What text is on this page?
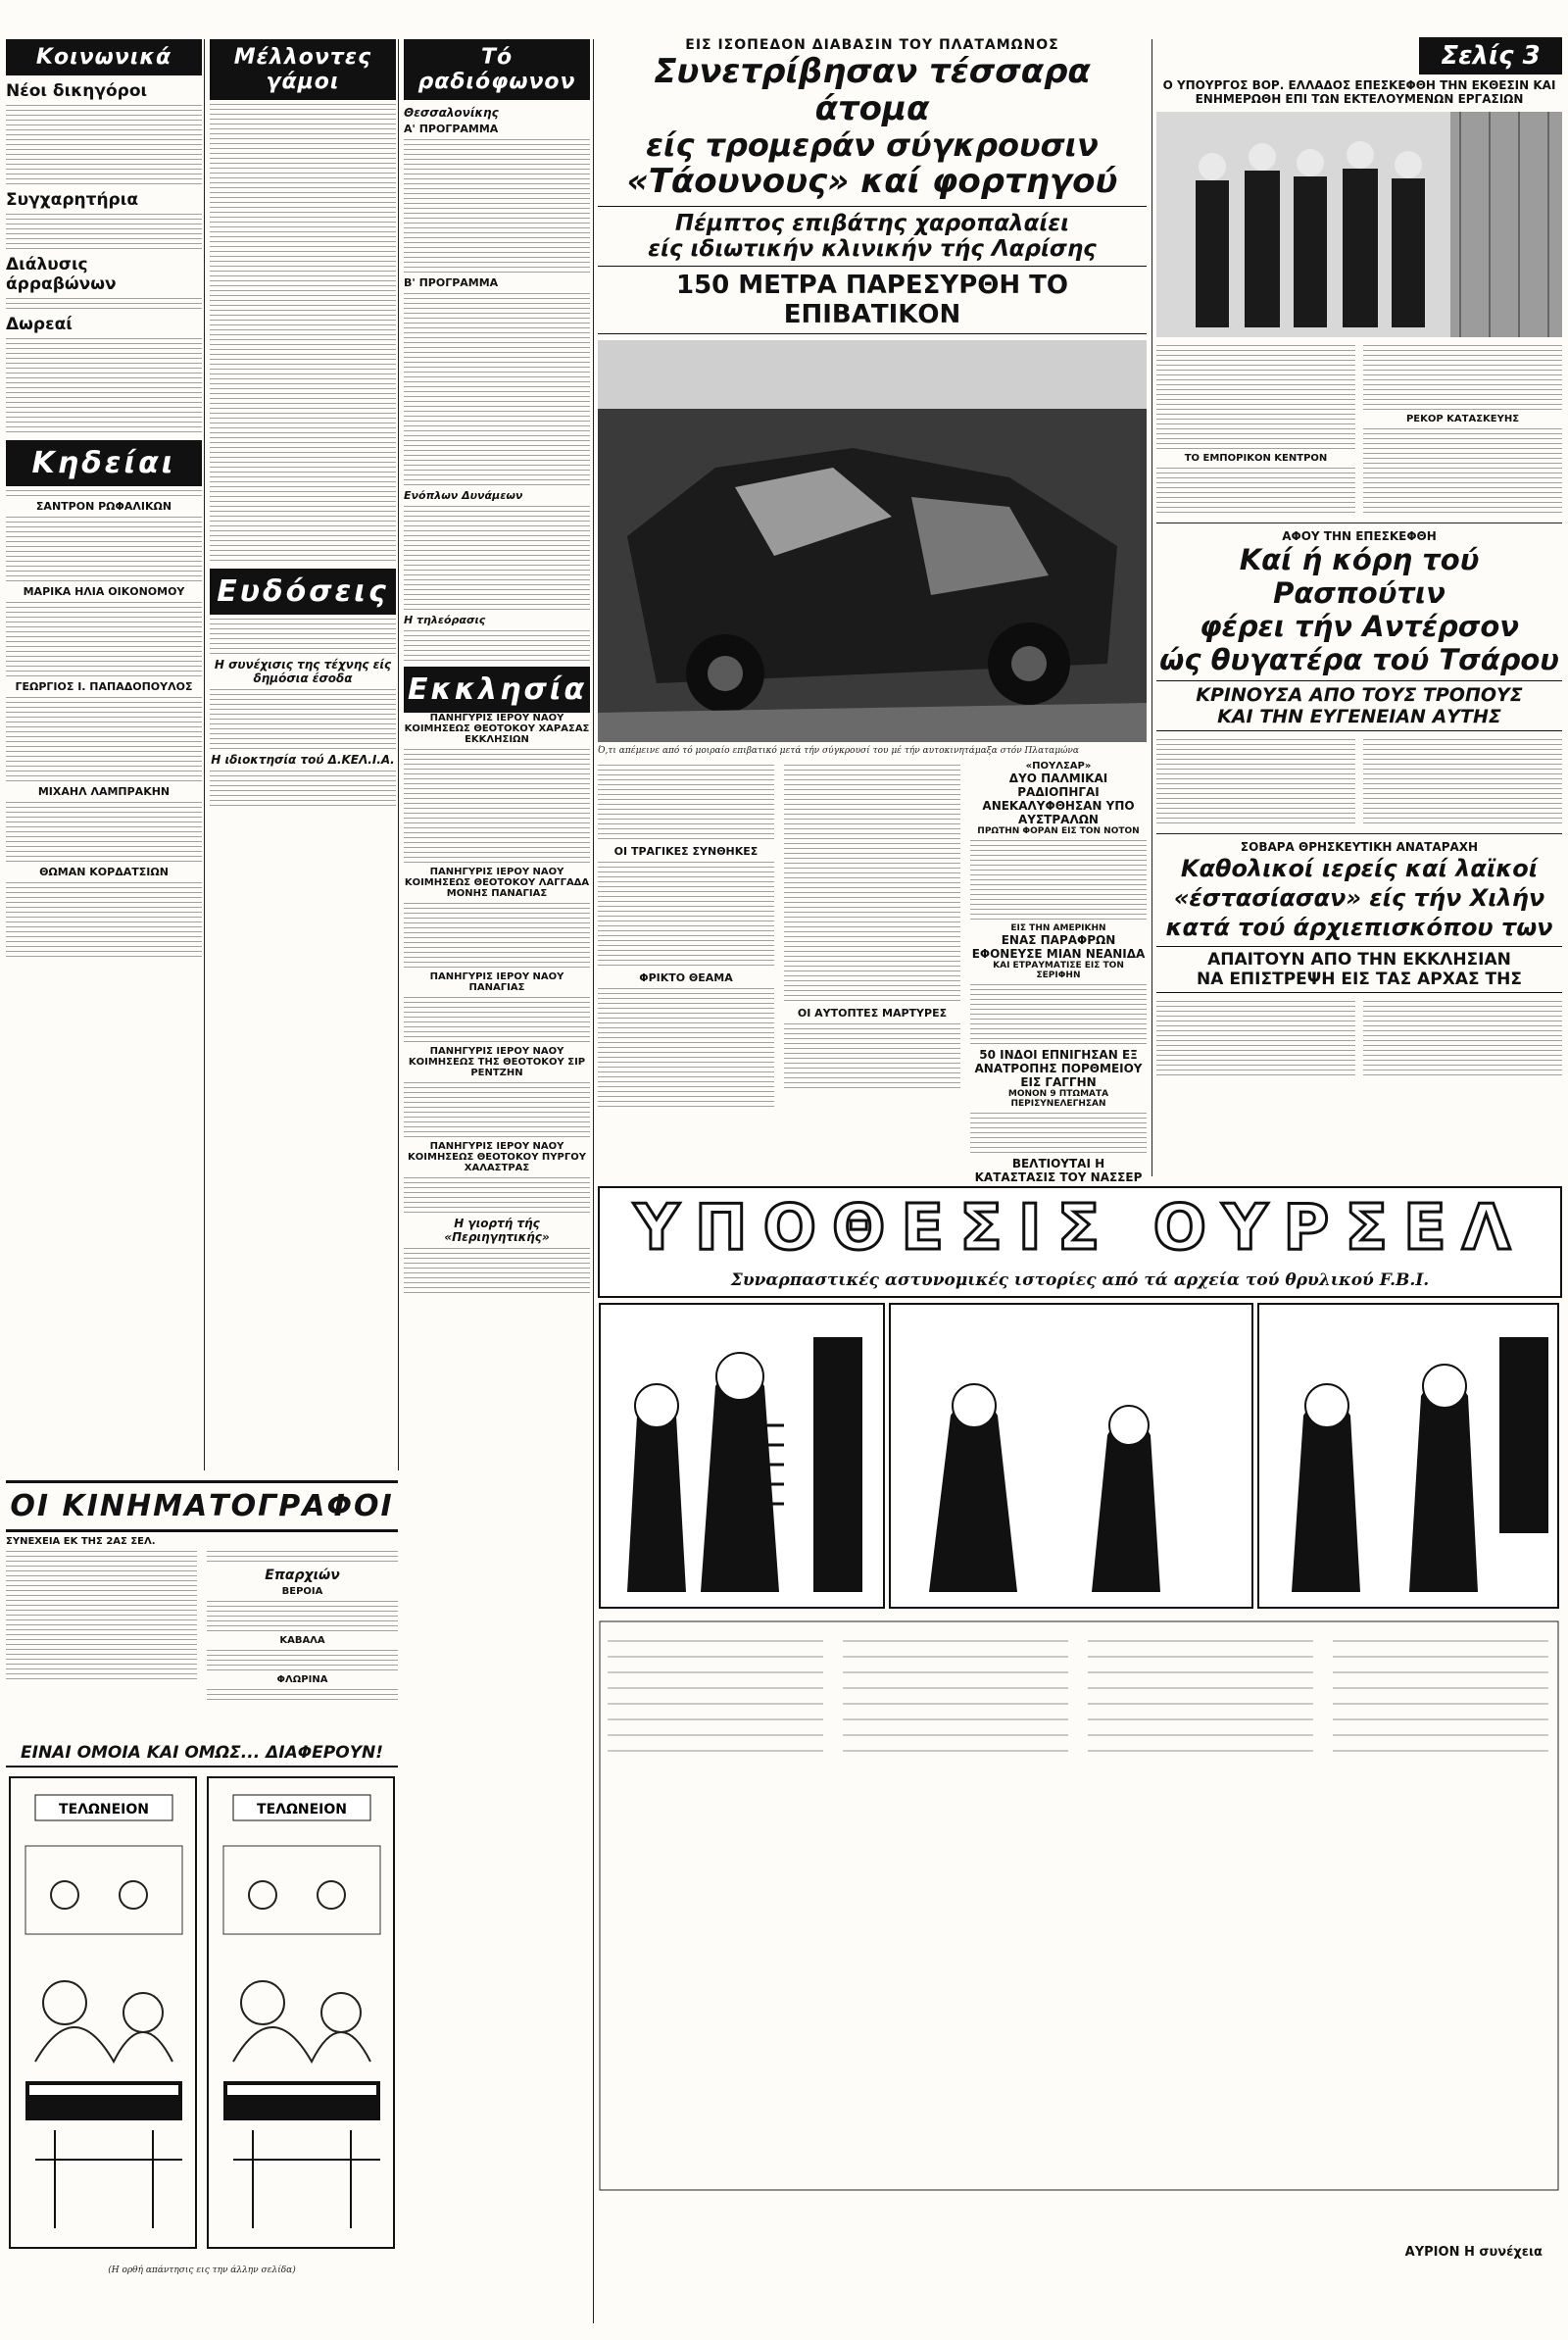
Κοινωνικά
Νέοι δικηγόροι
Συγχαρητήρια
Διάλυσις άρραβώνων
Δωρεαί
Κηδείαι
ΣΑΝΤΡΟΝ ΡΩΦΑΛΙΚΩΝ
ΜΑΡΙΚΑ ΗΛΙΑ ΟΙΚΟΝΟΜΟΥ
ΓΕΩΡΓΙΟΣ Ι. ΠΑΠΑΔΟΠΟΥΛΟΣ
ΜΙΧΑΗΛ ΛΑΜΠΡΑΚΗΝ
ΘΩΜΑΝ ΚΟΡΔΑΤΣΙΩΝ
Μέλλοντες γάμοι
Ευδόσεις
Η συνέχισις της τέχνης είς δημόσια έσοδα
Η ιδιοκτησία τού Δ.ΚΕΛ.Ι.Α.
Τό ραδιόφωνον
Θεσσαλονίκης
Α' ΠΡΟΓΡΑΜΜΑ
Β' ΠΡΟΓΡΑΜΜΑ
Ενόπλων Δυνάμεων
Η τηλεόρασις
Εκκλησία
ΠΑΝΗΓΥΡΙΣ ΙΕΡΟΥ ΝΑΟΥ ΚΟΙΜΗΣΕΩΣ ΘΕΟΤΟΚΟΥ ΧΑΡΑΣΑΣ ΕΚΚΛΗΣΙΩΝ
ΠΑΝΗΓΥΡΙΣ ΙΕΡΟΥ ΝΑΟΥ ΚΟΙΜΗΣΕΩΣ ΘΕΟΤΟΚΟΥ ΛΑΓΓΑΔΑ ΜΟΝΗΣ ΠΑΝΑΓΙΑΣ
ΠΑΝΗΓΥΡΙΣ ΙΕΡΟΥ ΝΑΟΥ ΠΑΝΑΓΙΑΣ
ΠΑΝΗΓΥΡΙΣ ΙΕΡΟΥ ΝΑΟΥ ΚΟΙΜΗΣΕΩΣ ΤΗΣ ΘΕΟΤΟΚΟΥ ΣΙΡ ΡΕΝΤΖΗΝ
ΠΑΝΗΓΥΡΙΣ ΙΕΡΟΥ ΝΑΟΥ ΚΟΙΜΗΣΕΩΣ ΘΕΟΤΟΚΟΥ ΠΥΡΓΟΥ ΧΑΛΑΣΤΡΑΣ
Η γιορτή τής «Περιηγητικής»
ΟΙ ΚΙΝΗΜΑΤΟΓΡΑΦΟΙ
ΣΥΝΕΧΕΙΑ ΕΚ ΤΗΣ 2ΑΣ ΣΕΛ.
Επαρχιών
ΒΕΡΟΙΑ
ΚΑΒΑΛΑ
ΦΛΩΡΙΝΑ
ΕΙΝΑΙ ΟΜΟΙΑ ΚΑΙ ΟΜΩΣ... ΔΙΑΦΕΡΟΥΝ!
ΤΕΛΩΝΕΙΟΝ	ΤΕΛΩΝΕΙΟΝ
(Η ορθή απάντησις εις την άλλην σελίδα)
ΕΙΣ ΙΣΟΠΕΔΟΝ ΔΙΑΒΑΣΙΝ ΤΟΥ ΠΛΑΤΑΜΩΝΟΣ
Συνετρίβησαν τέσσαρα άτομα
είς τρομεράν σύγκρουσιν
«Τάουνους» καί φορτηγού
Πέμπτος επιβάτης χαροπαλαίει
είς ιδιωτικήν κλινικήν τής Λαρίσης
150 ΜΕΤΡΑ ΠΑΡΕΣΥΡΘΗ ΤΟ ΕΠΙΒΑΤΙΚΟΝ
Ό,τι απέμεινε από τό μοιραίο επιβατικό μετά τήν σύγκρουσί του μέ τήν αυτοκινητάμαξα στόν Πλαταμώνα
ΟΙ ΤΡΑΓΙΚΕΣ ΣΥΝΘΗΚΕΣ
ΦΡΙΚΤΟ ΘΕΑΜΑ
ΟΙ ΑΥΤΟΠΤΕΣ ΜΑΡΤΥΡΕΣ
«ΠΟΥΛΣΑΡ»
ΔΥΟ ΠΑΛΜΙΚΑΙ ΡΑΔΙΟΠΗΓΑΙ ΑΝΕΚΑΛΥΦΘΗΣΑΝ ΥΠΟ ΑΥΣΤΡΑΛΩΝ
ΠΡΩΤΗΝ ΦΟΡΑΝ ΕΙΣ ΤΟΝ ΝΟΤΟΝ
ΕΙΣ ΤΗΝ ΑΜΕΡΙΚΗΝ
ΕΝΑΣ ΠΑΡΑΦΡΩΝ ΕΦΟΝΕΥΣΕ ΜΙΑΝ ΝΕΑΝΙΔΑ
ΚΑΙ ΕΤΡΑΥΜΑΤΙΣΕ ΕΙΣ ΤΟΝ ΣΕΡΙΦΗΝ
50 ΙΝΔΟΙ ΕΠΝΙΓΗΣΑΝ ΕΞ ΑΝΑΤΡΟΠΗΣ ΠΟΡΘΜΕΙΟΥ ΕΙΣ ΓΑΓΓΗΝ
ΜΟΝΟΝ 9 ΠΤΩΜΑΤΑ ΠΕΡΙΣΥΝΕΛΕΓΗΣΑΝ
ΒΕΛΤΙΟΥΤΑΙ Η ΚΑΤΑΣΤΑΣΙΣ ΤΟΥ ΝΑΣΣΕΡ
Σελίς 3
Ο ΥΠΟΥΡΓΟΣ ΒΟΡ. ΕΛΛΑΔΟΣ ΕΠΕΣΚΕΦΘΗ ΤΗΝ ΕΚΘΕΣΙΝ ΚΑΙ ΕΝΗΜΕΡΩΘΗ ΕΠΙ ΤΩΝ ΕΚΤΕΛΟΥΜΕΝΩΝ ΕΡΓΑΣΙΩΝ
ΤΟ ΕΜΠΟΡΙΚΟΝ ΚΕΝΤΡΟΝ
ΡΕΚΟΡ ΚΑΤΑΣΚΕΥΗΣ
ΑΦΟΥ ΤΗΝ ΕΠΕΣΚΕΦΘΗ
Καί ή κόρη τού Ρασπούτιν
φέρει τήν Αντέρσον
ώς θυγατέρα τού Τσάρου
ΚΡΙΝΟΥΣΑ ΑΠΟ ΤΟΥΣ ΤΡΟΠΟΥΣ
ΚΑΙ ΤΗΝ ΕΥΓΕΝΕΙΑΝ ΑΥΤΗΣ
ΣΟΒΑΡΑ ΘΡΗΣΚΕΥΤΙΚΗ ΑΝΑΤΑΡΑΧΗ
Καθολικοί ιερείς καί λαϊκοί
«έστασίασαν» είς τήν Χιλήν
κατά τού άρχιεπισκόπου των
ΑΠΑΙΤΟΥΝ ΑΠΟ ΤΗΝ ΕΚΚΛΗΣΙΑΝ
ΝΑ ΕΠΙΣΤΡΕΨΗ ΕΙΣ ΤΑΣ ΑΡΧΑΣ ΤΗΣ
ΥΠΟΘΕΣΙΣ ΟΥΡΣΕΛ
Συναρπαστικές αστυνομικές ιστορίες από τά αρχεία τού θρυλικού F.B.I.
ΑΥΡΙΟΝ Η συνέχεια
